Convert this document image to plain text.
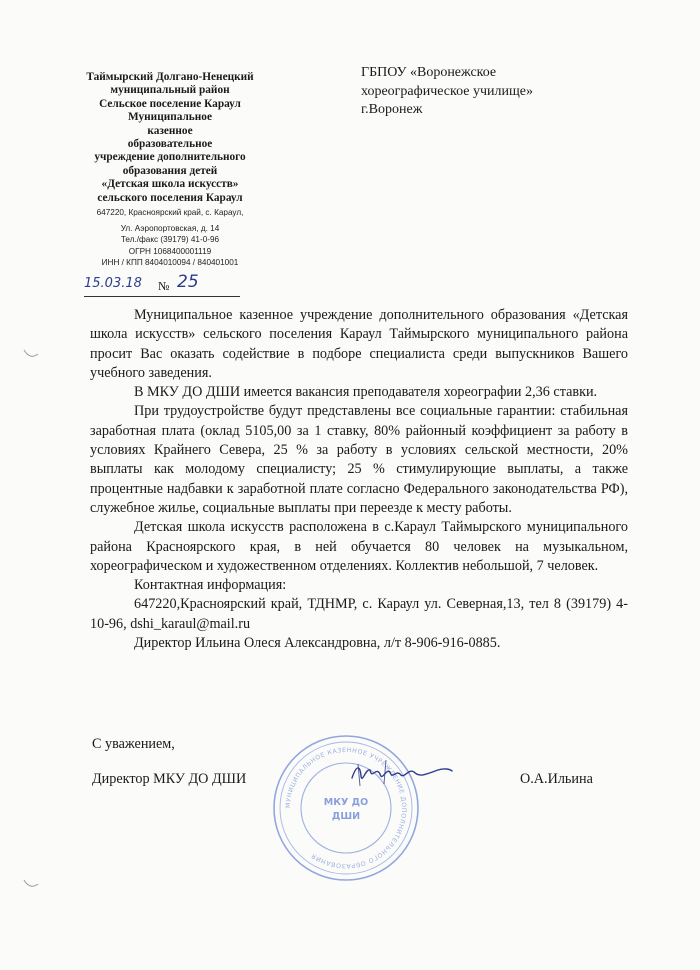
Таймырский Долгано-Ненецкий
муниципальный район
Сельское поселение Караул
Муниципальное
казенное
образовательное
учреждение дополнительного
образования детей
«Детская школа искусств»
сельского поселения Караул
647220, Красноярский край, с. Караул,
Ул. Аэропортовская, д. 14
Тел./факс (39179) 41-0-96
ОГРН 1068400001119
ИНН / КПП 8404010094 / 840401001
ГБПОУ «Воронежское
хореографическое училище»
г.Воронеж
15.03.18 № 25

Муниципальное казенное учреждение дополнительного образования «Детская школа искусств» сельского поселения Караул Таймырского муниципального района просит Вас оказать содействие в подборе специалиста среди выпускников Вашего учебного заведения.

В МКУ ДО ДШИ имеется вакансия преподавателя хореографии 2,36 ставки.

При трудоустройстве будут представлены все социальные гарантии: стабильная заработная плата (оклад 5105,00 за 1 ставку, 80% районный коэффициент за работу в условиях Крайнего Севера, 25 % за работу в условиях сельской местности, 20% выплаты как молодому специалисту; 25 % стимулирующие выплаты, а также процентные надбавки к заработной плате согласно Федерального законодательства РФ), служебное жилье, социальные выплаты при переезде к месту работы.

Детская школа искусств расположена в с.Караул Таймырского муниципального района Красноярского края, в ней обучается 80 человек на музыкальном, хореографическом и художественном отделениях. Коллектив небольшой, 7 человек.

Контактная информация:

647220,Красноярский край, ТДНМР, с. Караул ул. Северная,13, тел 8 (39179) 4-10-96, dshi_karaul@mail.ru

Директор Ильина Олеся Александровна, л/т 8-906-916-0885.

МУНИЦИПАЛЬНОЕ КАЗЕННОЕ УЧРЕЖДЕНИЕ ДОПОЛНИТЕЛЬНОГО ОБРАЗОВАНИЯ
МКУ ДО
ДШИ
С уважением,
Директор МКУ ДО ДШИ	О.А.Ильина
